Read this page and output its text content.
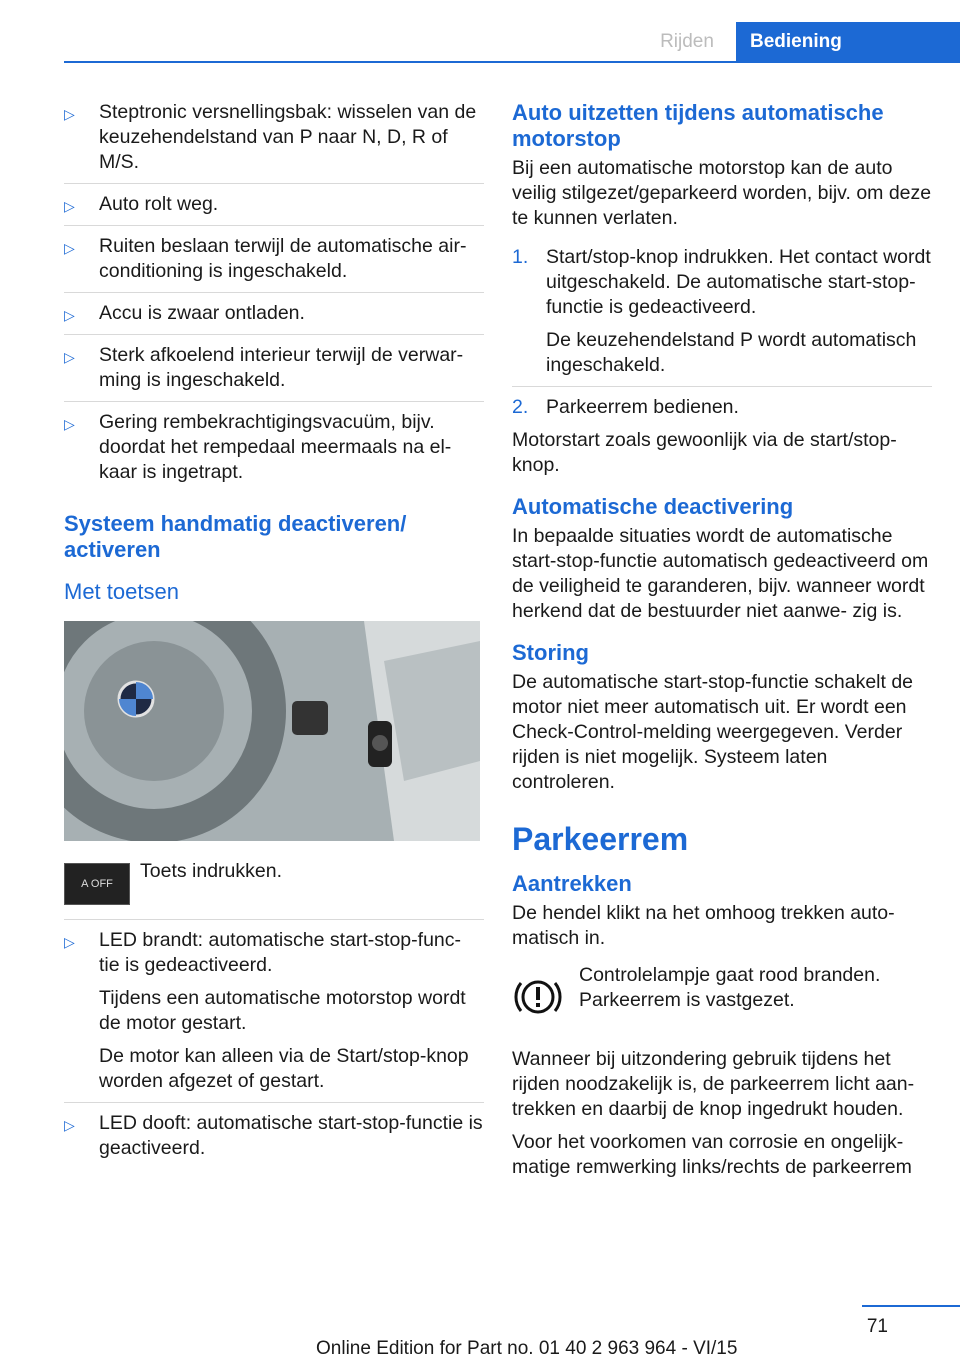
Rijden	Bediening
▷ Steptronic versnellingsbak: wisselen van de keuzehendelstand van P naar N, D, R of M/S.

▷ Auto rolt weg.

▷ Ruiten beslaan terwijl de automatische air- conditioning is ingeschakeld.

▷ Accu is zwaar ontladen.

▷ Sterk afkoelend interieur terwijl de verwar- ming is ingeschakeld.

▷ Gering rembekrachtigingsvacuüm, bijv. doordat het rempedaal meermaals na el- kaar is ingetrapt.

Systeem handmatig deactiveren/ activeren

Met toetsen

A OFF
Toets indrukken.
▷ LED brandt: automatische start-stop-func- tie is gedeactiveerd.

Tijdens een automatische motorstop wordt de motor gestart.

De motor kan alleen via de Start/stop-knop worden afgezet of gestart.

▷ LED dooft: automatische start-stop-functie is geactiveerd.

Auto uitzetten tijdens automatische motorstop

Bij een automatische motorstop kan de auto veilig stilgezet/geparkeerd worden, bijv. om deze te kunnen verlaten.

1. Start/stop-knop indrukken. Het contact wordt uitgeschakeld. De automatische start-stop-functie is gedeactiveerd.

De keuzehendelstand P wordt automatisch ingeschakeld.

2. Parkeerrem bedienen.

Motorstart zoals gewoonlijk via de start/stop- knop.

Automatische deactivering

In bepaalde situaties wordt de automatische start-stop-functie automatisch gedeactiveerd om de veiligheid te garanderen, bijv. wanneer wordt herkend dat de bestuurder niet aanwe- zig is.

Storing

De automatische start-stop-functie schakelt de motor niet meer automatisch uit. Er wordt een Check-Control-melding weergegeven. Verder rijden is niet mogelijk. Systeem laten controleren.

Parkeerrem

Aantrekken

De hendel klikt na het omhoog trekken auto- matisch in.

Controlelampje gaat rood branden. Parkeerrem is vastgezet.

Wanneer bij uitzondering gebruik tijdens het rijden noodzakelijk is, de parkeerrem licht aan- trekken en daarbij de knop ingedrukt houden.

Voor het voorkomen van corrosie en ongelijk- matige remwerking links/rechts de parkeerrem

71
Online Edition for Part no. 01 40 2 963 964 - VI/15
